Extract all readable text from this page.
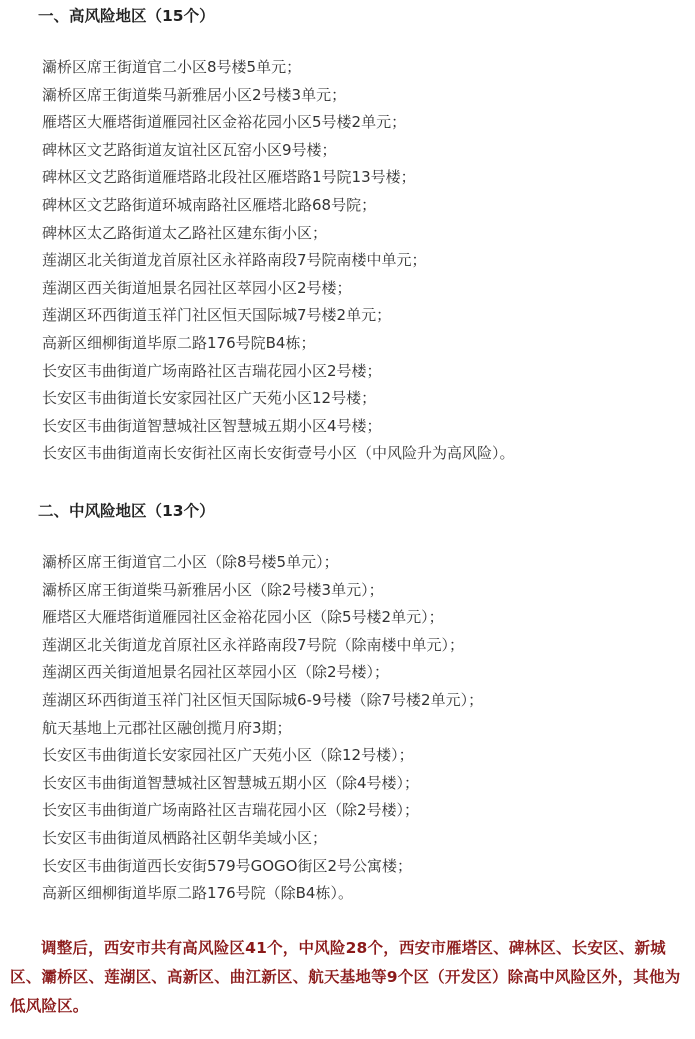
一、高风险地区（15个）
灞桥区席王街道官二小区8号楼5单元；
灞桥区席王街道柴马新雅居小区2号楼3单元；
雁塔区大雁塔街道雁园社区金裕花园小区5号楼2单元；
碑林区文艺路街道友谊社区瓦窑小区9号楼；
碑林区文艺路街道雁塔路北段社区雁塔路1号院13号楼；
碑林区文艺路街道环城南路社区雁塔北路68号院；
碑林区太乙路街道太乙路社区建东街小区；
莲湖区北关街道龙首原社区永祥路南段7号院南楼中单元；
莲湖区西关街道旭景名园社区萃园小区2号楼；
莲湖区环西街道玉祥门社区恒天国际城7号楼2单元；
高新区细柳街道毕原二路176号院B4栋；
长安区韦曲街道广场南路社区吉瑞花园小区2号楼；
长安区韦曲街道长安家园社区广天苑小区12号楼；
长安区韦曲街道智慧城社区智慧城五期小区4号楼；
长安区韦曲街道南长安街社区南长安街壹号小区（中风险升为高风险）。
二、中风险地区（13个）
灞桥区席王街道官二小区（除8号楼5单元）；
灞桥区席王街道柴马新雅居小区（除2号楼3单元）；
雁塔区大雁塔街道雁园社区金裕花园小区（除5号楼2单元）；
莲湖区北关街道龙首原社区永祥路南段7号院（除南楼中单元）；
莲湖区西关街道旭景名园社区萃园小区（除2号楼）；
莲湖区环西街道玉祥门社区恒天国际城6-9号楼（除7号楼2单元）；
航天基地上元郡社区融创揽月府3期；
长安区韦曲街道长安家园社区广天苑小区（除12号楼）；
长安区韦曲街道智慧城社区智慧城五期小区（除4号楼）；
长安区韦曲街道广场南路社区吉瑞花园小区（除2号楼）；
长安区韦曲街道凤栖路社区朝华美域小区；
长安区韦曲街道西长安街579号GOGO街区2号公寓楼；
高新区细柳街道毕原二路176号院（除B4栋）。

调整后，西安市共有高风险区41个，中风险28个，西安市雁塔区、碑林区、长安区、新城区、灞桥区、莲湖区、高新区、曲江新区、航天基地等9个区（开发区）除高中风险区外，其他为低风险区。
